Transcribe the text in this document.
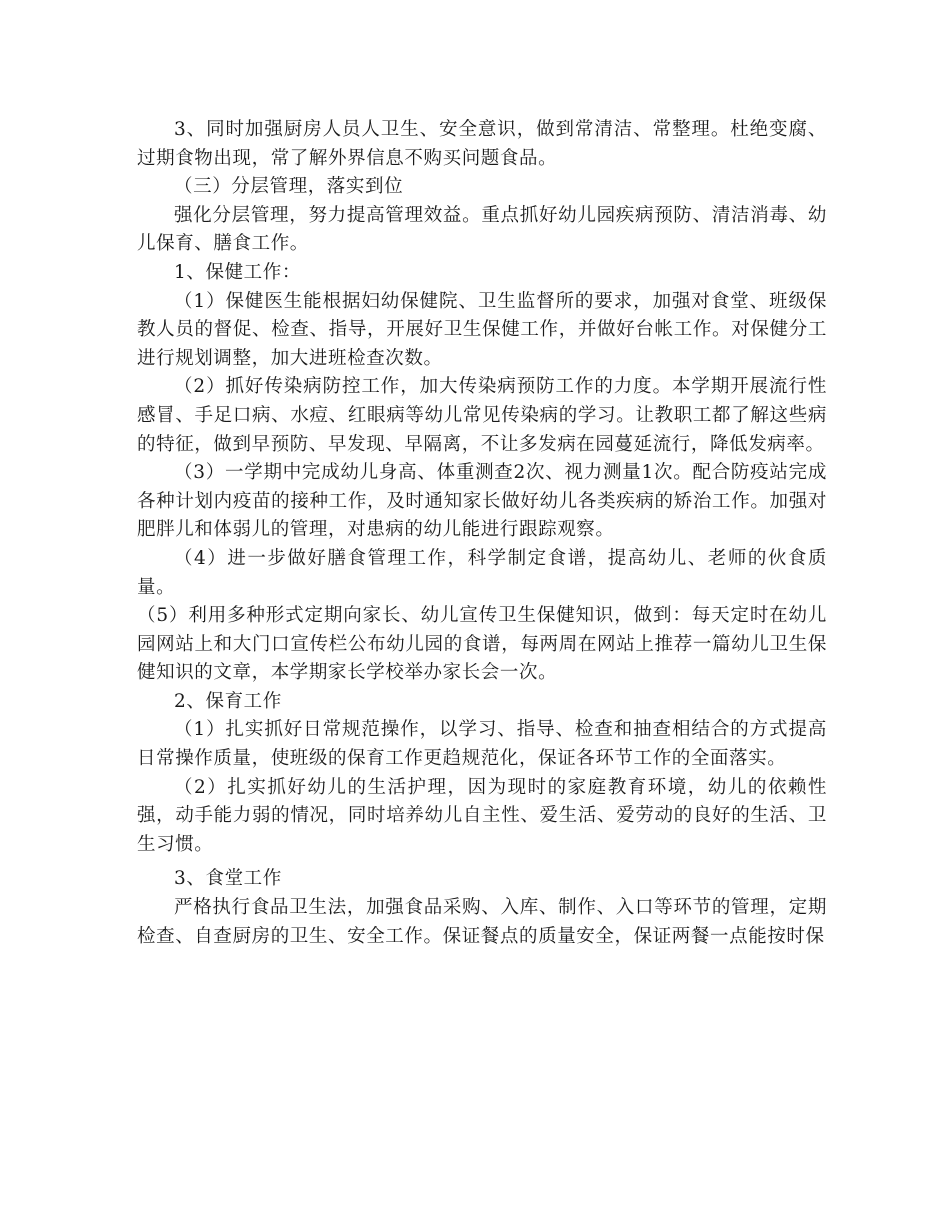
3、同时加强厨房人员人卫生、安全意识，做到常清洁、常整理。杜绝变腐、过期食物出现，常了解外界信息不购买问题食品。

（三）分层管理，落实到位

强化分层管理，努力提高管理效益。重点抓好幼儿园疾病预防、清洁消毒、幼儿保育、膳食工作。

1、保健工作：

（1）保健医生能根据妇幼保健院、卫生监督所的要求，加强对食堂、班级保教人员的督促、检查、指导，开展好卫生保健工作，并做好台帐工作。对保健分工进行规划调整，加大进班检查次数。

（2）抓好传染病防控工作，加大传染病预防工作的力度。本学期开展流行性感冒、手足口病、水痘、红眼病等幼儿常见传染病的学习。让教职工都了解这些病的特征，做到早预防、早发现、早隔离，不让多发病在园蔓延流行，降低发病率。

（3）一学期中完成幼儿身高、体重测查2次、视力测量1次。配合防疫站完成各种计划内疫苗的接种工作，及时通知家长做好幼儿各类疾病的矫治工作。加强对肥胖儿和体弱儿的管理，对患病的幼儿能进行跟踪观察。

（4）进一步做好膳食管理工作，科学制定食谱，提高幼儿、老师的伙食质量。

（5）利用多种形式定期向家长、幼儿宣传卫生保健知识，做到：每天定时在幼儿园网站上和大门口宣传栏公布幼儿园的食谱，每两周在网站上推荐一篇幼儿卫生保健知识的文章，本学期家长学校举办家长会一次。

2、保育工作

（1）扎实抓好日常规范操作，以学习、指导、检查和抽查相结合的方式提高日常操作质量，使班级的保育工作更趋规范化，保证各环节工作的全面落实。

（2）扎实抓好幼儿的生活护理，因为现时的家庭教育环境，幼儿的依赖性强，动手能力弱的情况，同时培养幼儿自主性、爱生活、爱劳动的良好的生活、卫生习惯。

3、食堂工作

严格执行食品卫生法，加强食品采购、入库、制作、入口等环节的管理，定期检查、自查厨房的卫生、安全工作。保证餐点的质量安全，保证两餐一点能按时保
